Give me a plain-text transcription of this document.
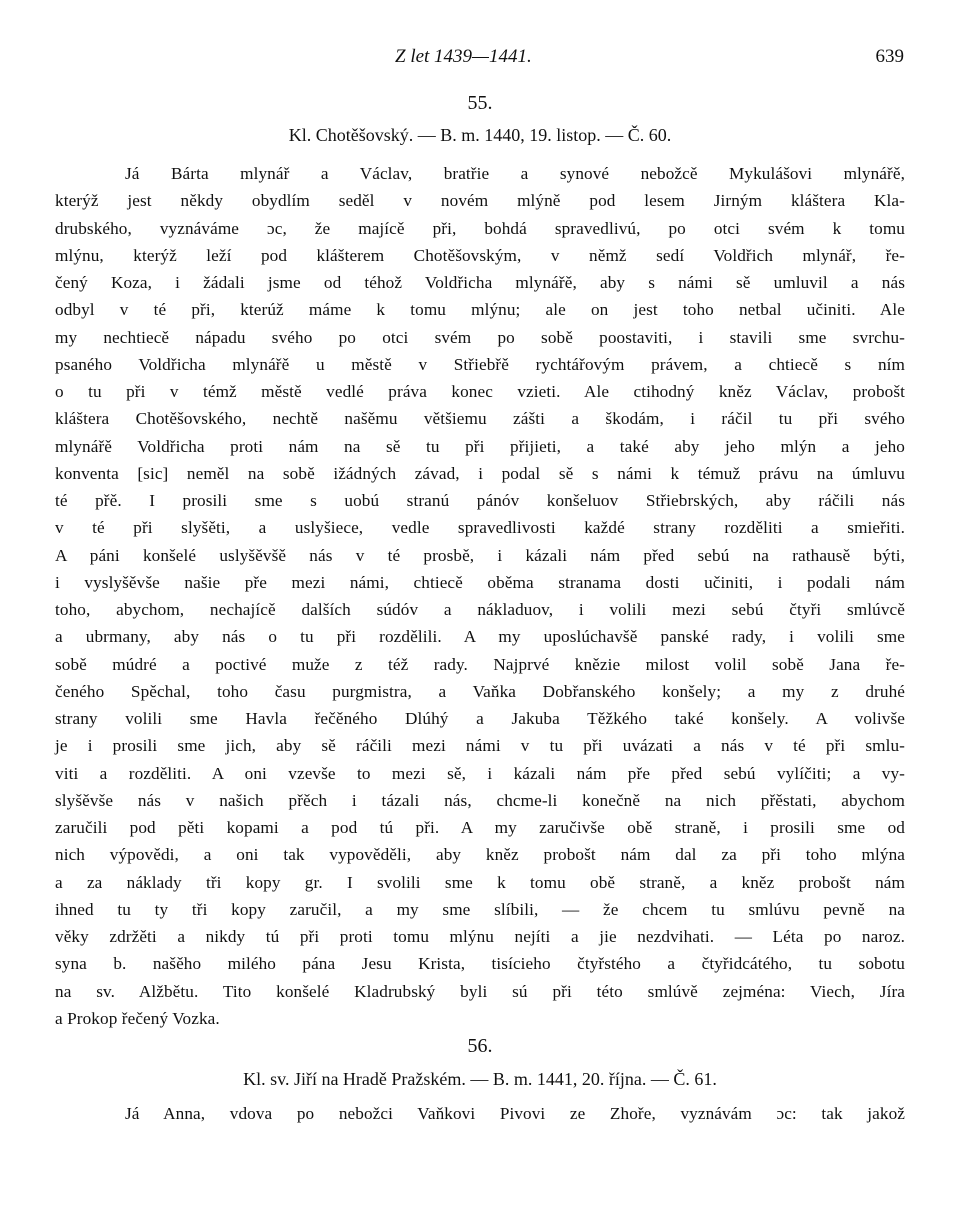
Z let 1439—1441.	639
55.
Kl. Chotěšovský. — B. m. 1440, 19. listop. — Č. 60.
Já Bárta mlynář a Václav, bratřie a synové nebožcě Mykulášovi mlynářě,
kterýž jest někdy obydlím seděl v novém mlýně pod lesem Jirným kláštera Kla-
drubského, vyznáváme ɔc, že majícě při, bohdá spravedlivú, po otci svém k tomu
mlýnu, kterýž leží pod klášterem Chotěšovským, v němž sedí Voldřich mlynář, ře-
čený Koza, i žádali jsme od téhož Voldřicha mlynářě, aby s námi sě umluvil a nás
odbyl v té při, kterúž máme k tomu mlýnu; ale on jest toho netbal učiniti. Ale
my nechtiecě nápadu svého po otci svém po sobě poostaviti, i stavili sme svrchu-
psaného Voldřicha mlynářě u městě v Střiebřě rychtářovým právem, a chtiecě s ním
o tu při v témž městě vedlé práva konec vzieti. Ale ctihodný kněz Václav, probošt
kláštera Chotěšovského, nechtě našěmu většiemu zášti a škodám, i ráčil tu při svého
mlynářě Voldřicha proti nám na sě tu při přijieti, a také aby jeho mlýn a jeho
konventa [sic] neměl na sobě ižádných závad, i podal sě s námi k témuž právu na úmluvu
té přě. I prosili sme s uobú stranú pánóv konšeluov Střiebrských, aby ráčili nás
v té při slyšěti, a uslyšiece, vedle spravedlivosti každé strany rozděliti a smieřiti.
A páni konšelé uslyšěvšě nás v té prosbě, i kázali nám před sebú na rathausě býti,
i vyslyšěvše našie pře mezi námi, chtiecě oběma stranama dosti učiniti, i podali nám
toho, abychom, nechajícě dalších súdóv a nákladuov, i volili mezi sebú čtyři smlúvcě
a ubrmany, aby nás o tu při rozdělili. A my uposlúchavšě panské rady, i volili sme
sobě múdré a poctivé muže z též rady. Najprvé knězie milost volil sobě Jana ře-
čeného Spěchal, toho času purgmistra, a Vaňka Dobřanského konšely; a my z druhé
strany volili sme Havla řečěného Dlúhý a Jakuba Těžkého také konšely. A volivše
je i prosili sme jich, aby sě ráčili mezi námi v tu při uvázati a nás v té při smlu-
viti a rozděliti. A oni vzevše to mezi sě, i kázali nám pře před sebú vylíčiti; a vy-
slyšěvše nás v našich přěch i tázali nás, chcme-li konečně na nich přěstati, abychom
zaručili pod pěti kopami a pod tú při. A my zaručivše obě straně, i prosili sme od
nich výpovědi, a oni tak vypověděli, aby kněz probošt nám dal za při toho mlýna
a za náklady tři kopy gr. I svolili sme k tomu obě straně, a kněz probošt nám
ihned tu ty tři kopy zaručil, a my sme slíbili, — že chcem tu smlúvu pevně na
věky zdržěti a nikdy tú při proti tomu mlýnu nejíti a jie nezdvihati. — Léta po naroz.
syna b. našěho milého pána Jesu Krista, tisícieho čtyřstého a čtyřidcátého, tu sobotu
na sv. Alžbětu. Tito konšelé Kladrubský byli sú při této smlúvě zejména: Viech, Jíra
a Prokop řečený Vozka.
56.
Kl. sv. Jiří na Hradě Pražském. — B. m. 1441, 20. října. — Č. 61.
Já Anna, vdova po nebožci Vaňkovi Pivovi ze Zhoře, vyznávám ɔc: tak jakož
